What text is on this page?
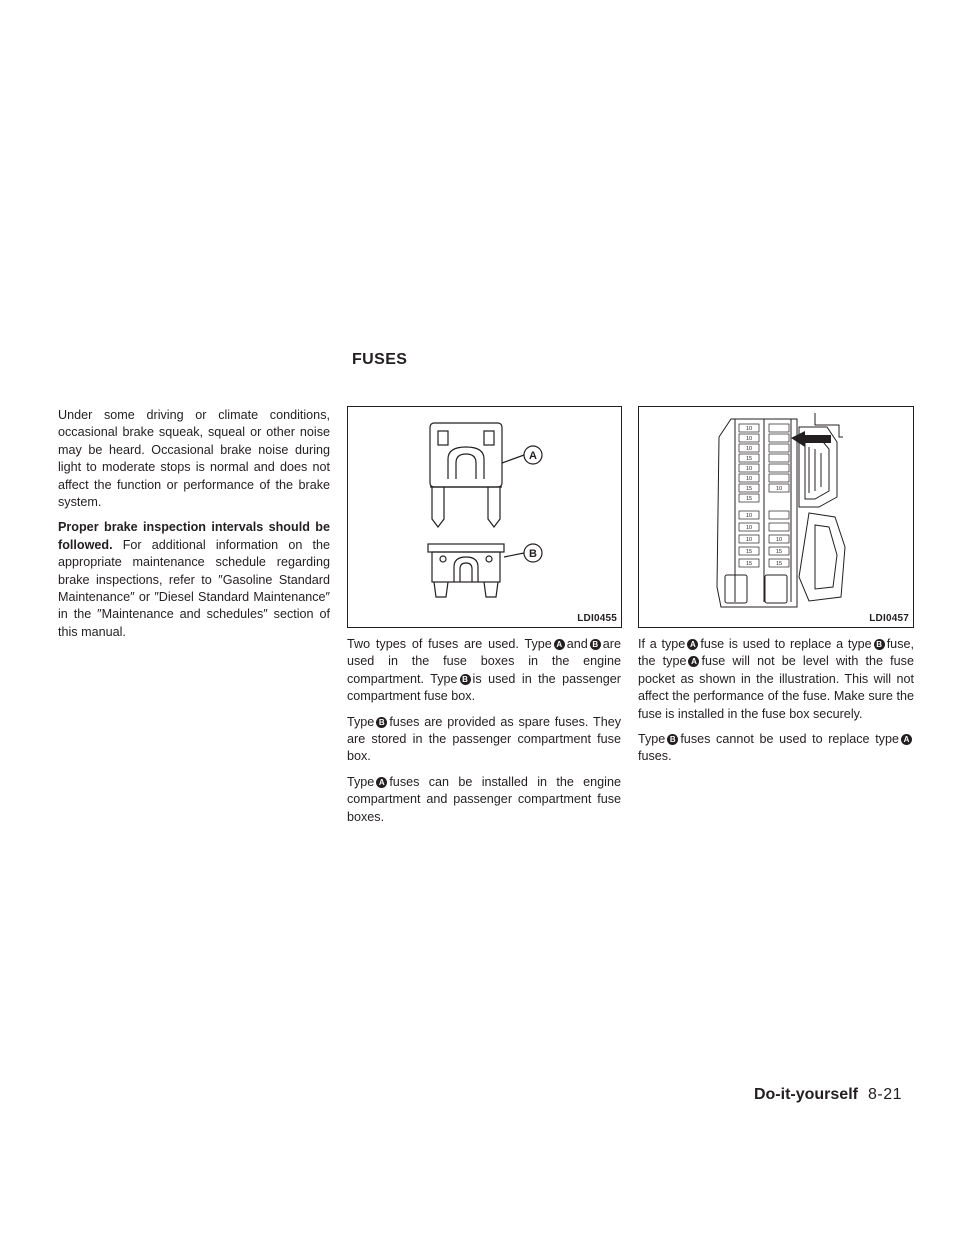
FUSES

Under some driving or climate conditions, occasional brake squeak, squeal or other noise may be heard. Occasional brake noise during light to moderate stops is normal and does not affect the function or performance of the brake system.

Proper brake inspection intervals should be followed. For additional information on the appropriate maintenance schedule regarding brake inspections, refer to ″Gasoline Standard Maintenance″ or ″Diesel Standard Maintenance″ in the ″Maintenance and schedules″ section of this manual.

A
B
LDI0455
10
10
10
15
10
10
15
15
10
10
10
15
15
10
10
15
15
LDI0457

Two types of fuses are used. Type A and B are used in the fuse boxes in the engine compartment. Type B is used in the passenger compartment fuse box.

Type B fuses are provided as spare fuses. They are stored in the passenger compartment fuse box.

Type A fuses can be installed in the engine compartment and passenger compartment fuse boxes.

If a type A fuse is used to replace a type B fuse, the type A fuse will not be level with the fuse pocket as shown in the illustration. This will not affect the performance of the fuse. Make sure the fuse is installed in the fuse box securely.

Type B fuses cannot be used to replace type Afuses.

Do-it-yourself 8-21
